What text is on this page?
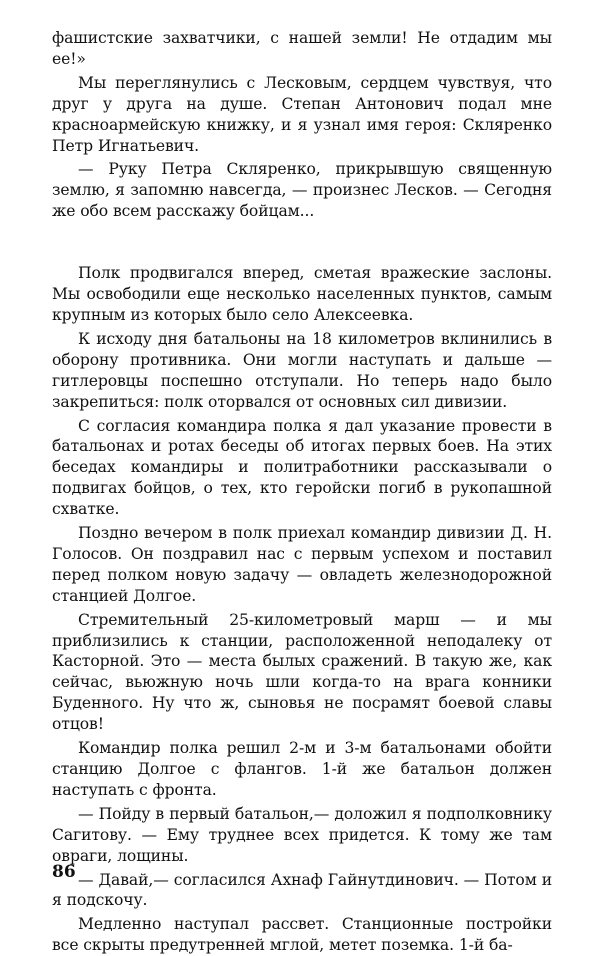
фашистские захватчики, с нашей земли! Не отдадим мы ее!»

Мы переглянулись с Лесковым, сердцем чувствуя, что друг у друга на душе. Степан Антонович подал мне красноармейскую книжку, и я узнал имя героя: Скляренко Петр Игнатьевич.

— Руку Петра Скляренко, прикрывшую священную землю, я запомню навсегда, — произнес Лесков. — Сегодня же обо всем расскажу бойцам...

Полк продвигался вперед, сметая вражеские заслоны. Мы освободили еще несколько населенных пунктов, самым крупным из которых было село Алексеевка.

К исходу дня батальоны на 18 километров вклинились в оборону противника. Они могли наступать и дальше — гитлеровцы поспешно отступали. Но теперь надо было закрепиться: полк оторвался от основных сил дивизии.

С согласия командира полка я дал указание провести в батальонах и ротах беседы об итогах первых боев. На этих беседах командиры и политработники рассказывали о подвигах бойцов, о тех, кто геройски погиб в рукопашной схватке.

Поздно вечером в полк приехал командир дивизии Д. Н. Голосов. Он поздравил нас с первым успехом и поставил перед полком новую задачу — овладеть железнодорожной станцией Долгое.

Стремительный 25-километровый марш — и мы приблизились к станции, расположенной неподалеку от Касторной. Это — места былых сражений. В такую же, как сейчас, вьюжную ночь шли когда-то на врага конники Буденного. Ну что ж, сыновья не посрамят боевой славы отцов!

Командир полка решил 2-м и 3-м батальонами обойти станцию Долгое с флангов. 1-й же батальон должен наступать с фронта.

— Пойду в первый батальон,— доложил я подполковнику Сагитову. — Ему труднее всех придется. К тому же там овраги, лощины.

— Давай,— согласился Ахнаф Гайнутдинович. — Потом и я подскочу.

Медленно наступал рассвет. Станционные постройки все скрыты предутренней мглой, метет поземка. 1-й ба-

86
